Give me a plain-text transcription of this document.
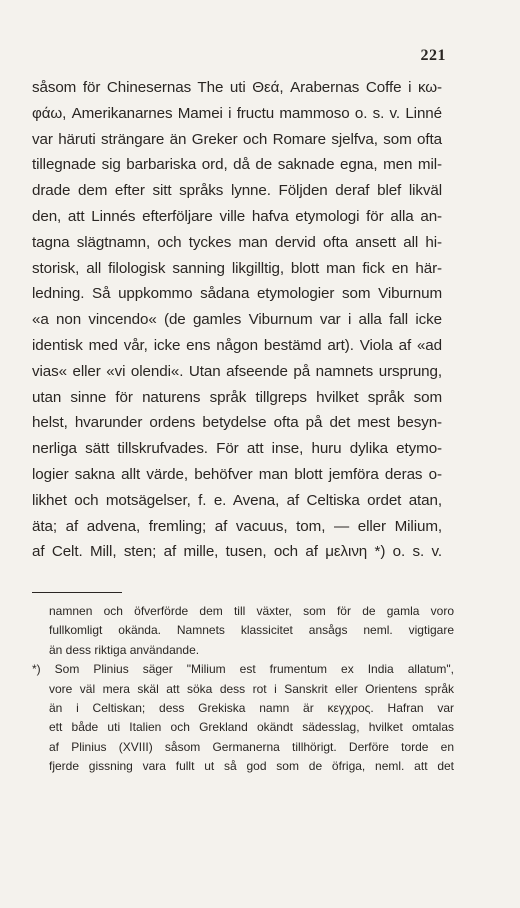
221
såsom för Chinesernas The uti Θεά, Arabernas Coffe i κω-
φάω, Amerikanarnes Mamei i fructu mammoso o. s. v. Linné
var häruti strängare än Greker och Romare sjelfva, som ofta
tillegnade sig barbariska ord, då de saknade egna, men mil-
drade dem efter sitt språks lynne. Följden deraf blef likväl
den, att Linnés efterföljare ville hafva etymologi för alla an-
tagna slägtnamn, och tyckes man dervid ofta ansett all hi-
storisk, all filologisk sanning likgilltig, blott man fick en här-
ledning. Så uppkommo sådana etymologier som Viburnum
«a non vincendo« (de gamles Viburnum var i alla fall icke
identisk med vår, icke ens någon bestämd art). Viola af «ad
vias« eller «vi olendi«. Utan afseende på namnets ursprung,
utan sinne för naturens språk tillgreps hvilket språk som
helst, hvarunder ordens betydelse ofta på det mest besyn-
nerliga sätt tillskrufvades. För att inse, huru dylika etymo-
logier sakna allt värde, behöfver man blott jemföra deras o-
likhet och motsägelser, f. e. Avena, af Celtiska ordet atan,
äta; af advena, fremling; af vacuus, tom, — eller Milium,
af Celt. Mill, sten; af mille, tusen, och af μελινη *) o. s. v.
namnen och öfverförde dem till växter, som för de gamla voro
fullkomligt okända. Namnets klassicitet ansågs neml. vigtigare
än dess riktiga användande.
*) Som Plinius säger "Milium est frumentum ex India allatum",
vore väl mera skäl att söka dess rot i Sanskrit eller Orientens språk
än i Celtiskan; dess Grekiska namn är κεγχρος. Hafran var
ett både uti Italien och Grekland okändt sädesslag, hvilket omtalas
af Plinius (XVIII) såsom Germanerna tillhörigt. Derföre torde en
fjerde gissning vara fullt ut så god som de öfriga, neml. att det
